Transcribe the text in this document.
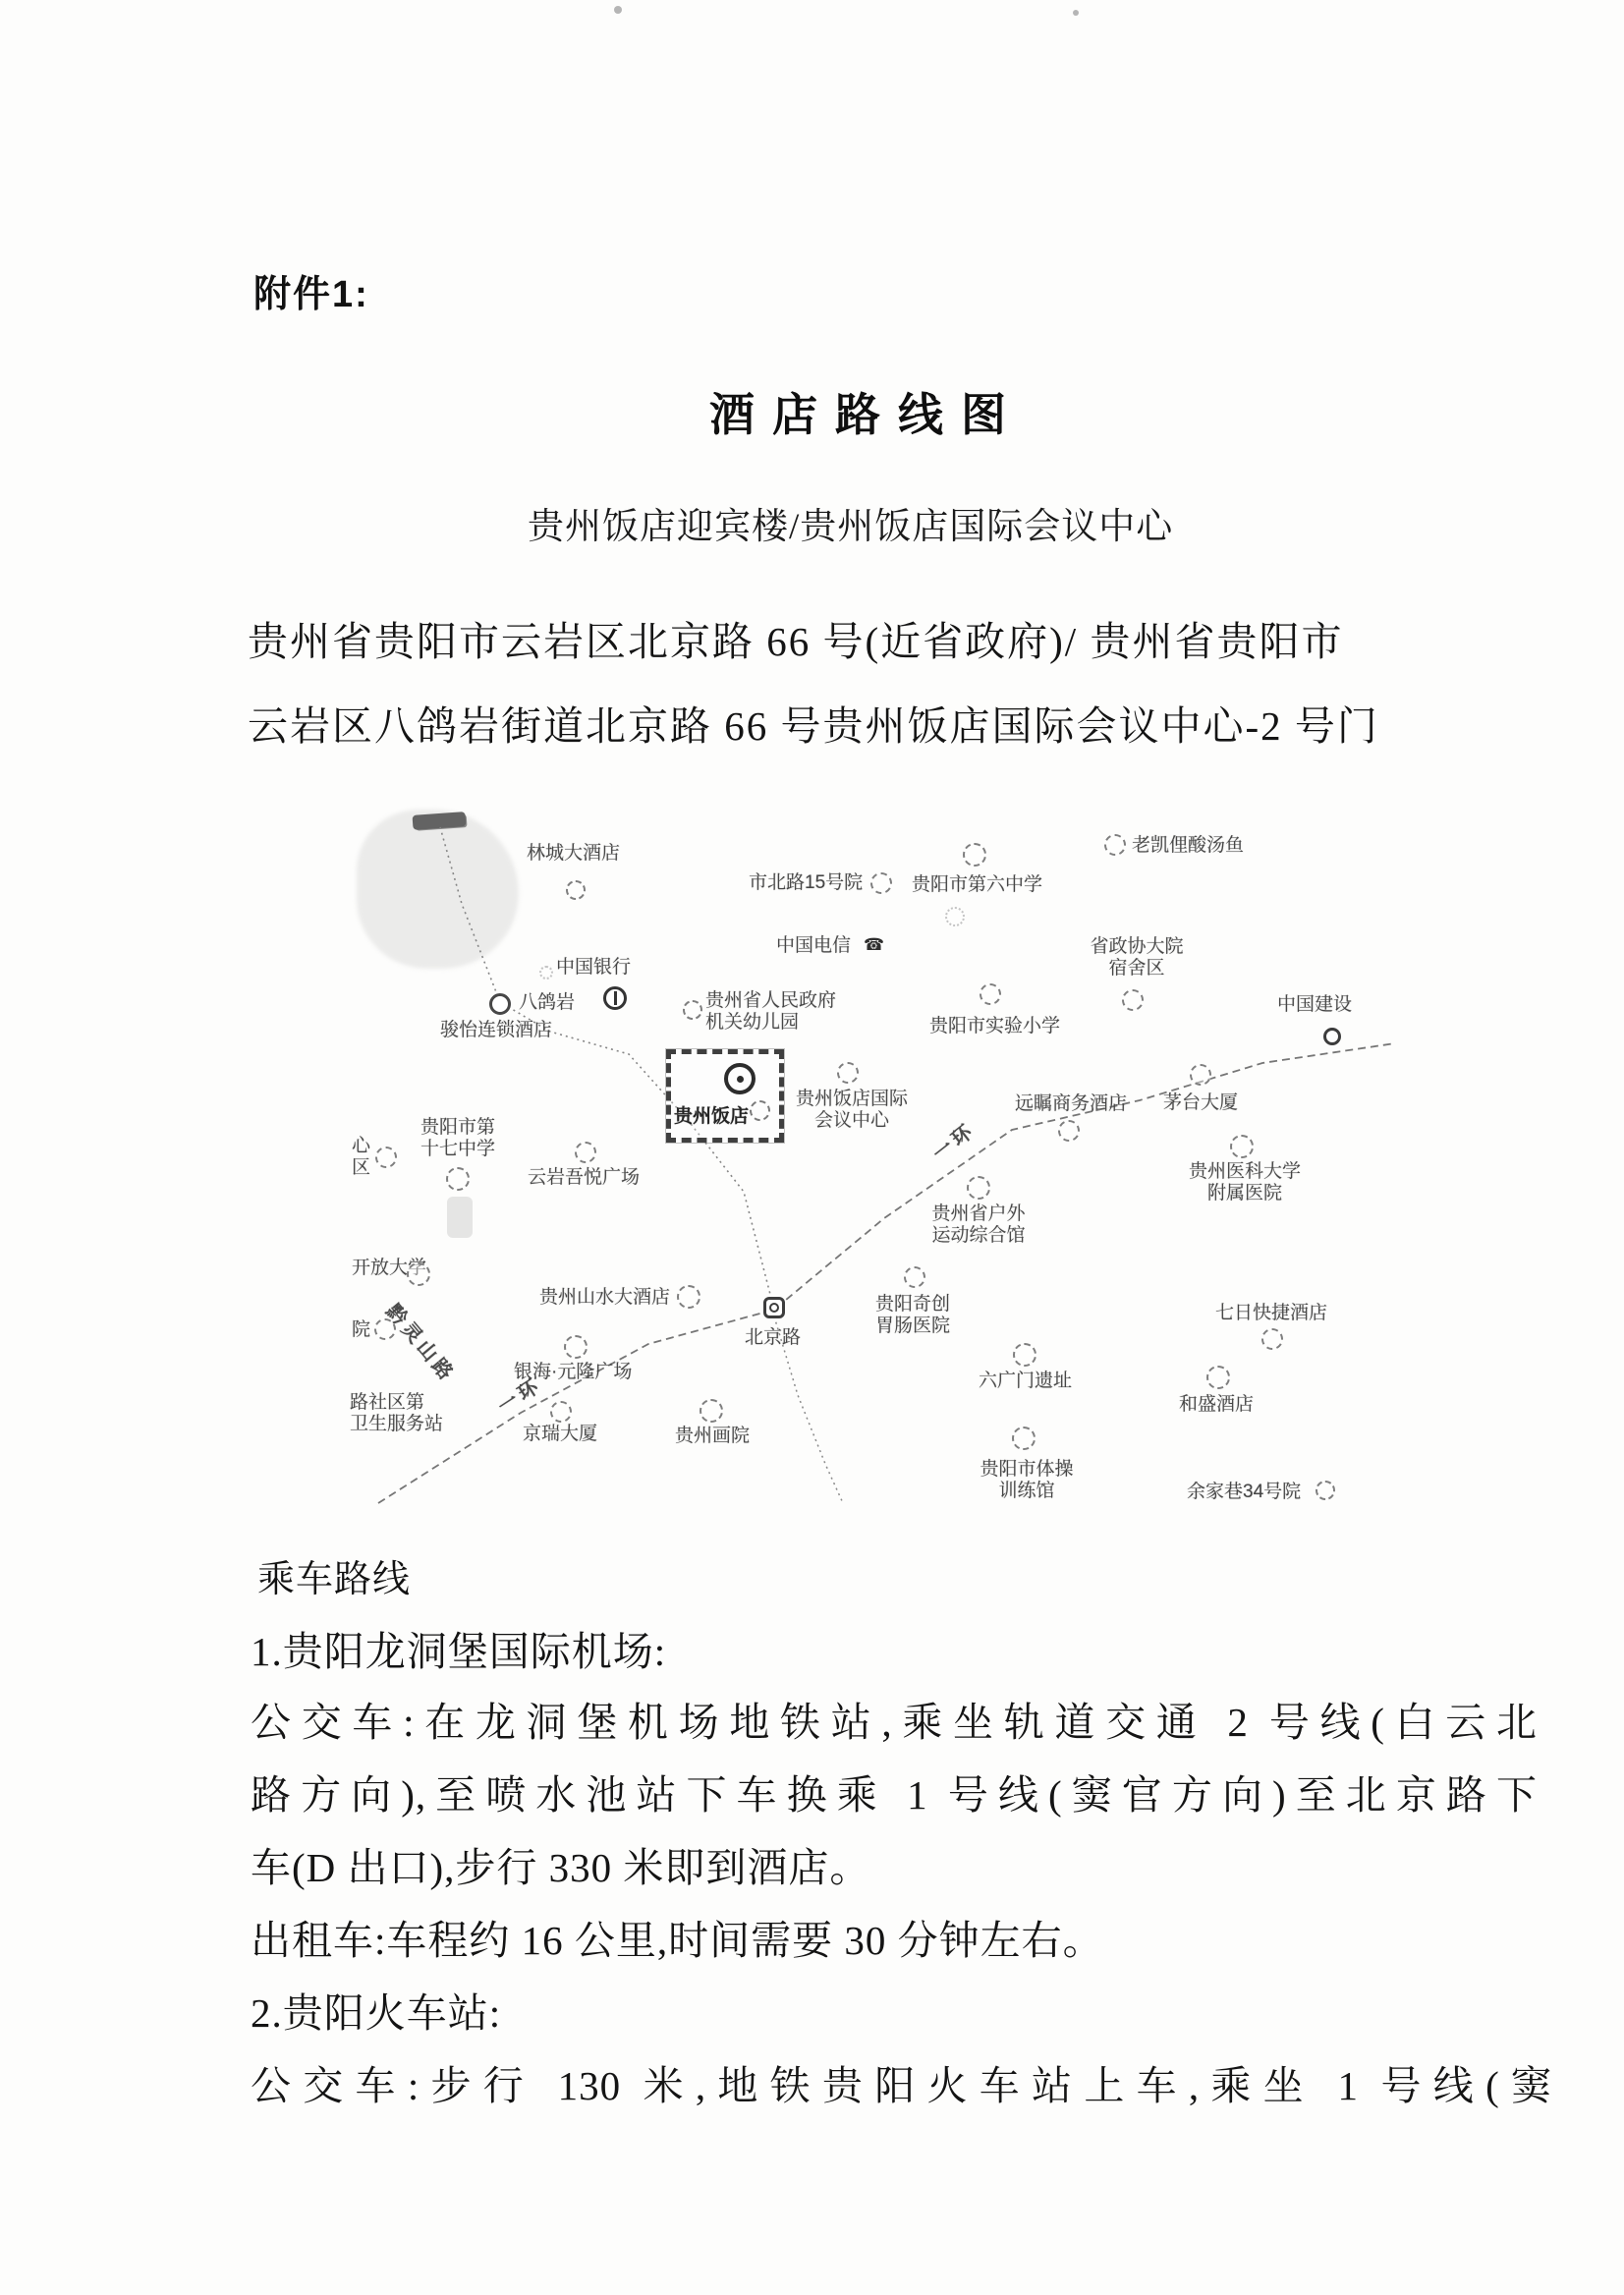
附件1:
酒店路线图
贵州饭店迎宾楼/贵州饭店国际会议中心
贵州省贵阳市云岩区北京路 66 号(近省政府)/ 贵州省贵阳市
云岩区八鸽岩街道北京路 66 号贵州饭店国际会议中心-2 号门
林城大酒店
市北路15号院	贵阳市第六中学
老凯俚酸汤鱼
中国电信 ☎
中国银行
八鸽岩
骏怡连锁酒店
贵州省人民政府
机关幼儿园
省政协大院
宿舍区
贵阳市实验小学
中国建设
茅台大厦
远瞩商务酒店
贵州饭店国际
会议中心
贵阳市第
十七中学
心
区	云岩吾悦广场
开放大学
贵州山水大酒店
北京路
银海·元隆广场
贵州画院
院
路社区第
卫生服务站	京瑞大厦
贵州省户外
运动综合馆
贵阳奇创
胃肠医院
六广门遗址
贵州医科大学
附属医院
七日快捷酒店
和盛酒店
贵阳市体操
训练馆	余家巷34号院
一环
一环
黔灵山路
贵州饭店
乘车路线
1.贵阳龙洞堡国际机场:
公交车:在龙洞堡机场地铁站,乘坐轨道交通 2 号线(白云北
路方向),至喷水池站下车换乘 1 号线(窦官方向)至北京路下
车(D 出口),步行 330 米即到酒店。
出租车:车程约 16 公里,时间需要 30 分钟左右。
2.贵阳火车站:
公交车:步行 130 米,地铁贵阳火车站上车,乘坐 1 号线(窦
